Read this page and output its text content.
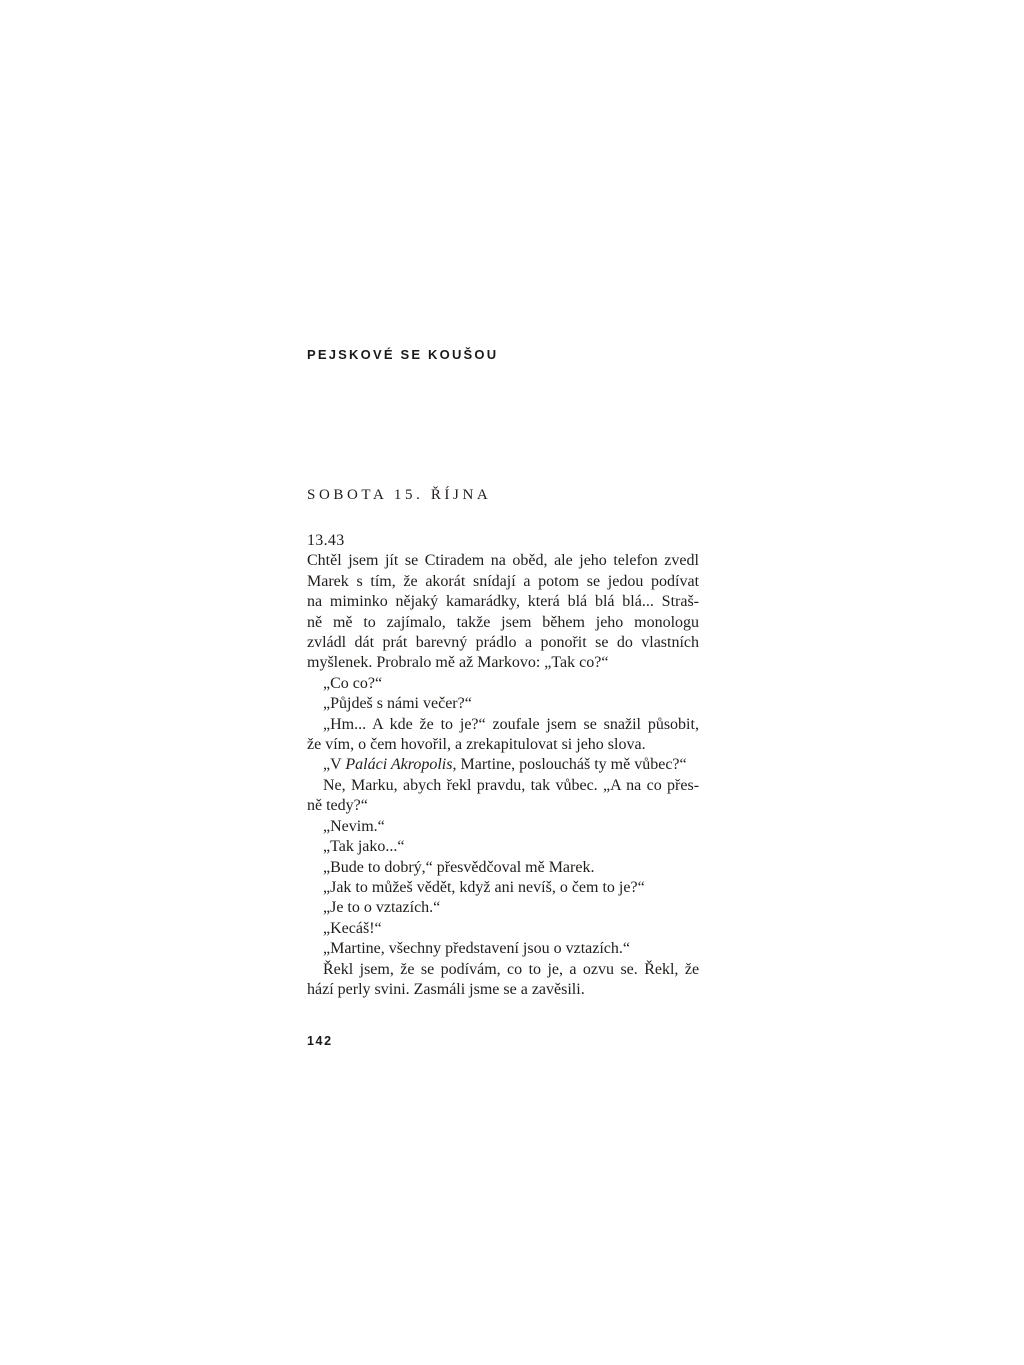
PEJSKOVÉ SE KOUŠOU
SOBOTA 15. ŘÍJNA
13.43
Chtěl jsem jít se Ctiradem na oběd, ale jeho telefon zvedl
Marek s tím, že akorát snídají a potom se jedou podívat
na miminko nějaký kamarádky, která blá blá blá... Straš-
ně mě to zajímalo, takže jsem během jeho monologu
zvládl dát prát barevný prádlo a ponořit se do vlastních
myšlenek. Probralo mě až Markovo: „Tak co?“
„Co co?“
„Půjdeš s námi večer?“
„Hm... A kde že to je?“ zoufale jsem se snažil působit,
že vím, o čem hovořil, a zrekapitulovat si jeho slova.
„V Paláci Akropolis, Martine, posloucháš ty mě vůbec?“
Ne, Marku, abych řekl pravdu, tak vůbec. „A na co přes-
ně tedy?“
„Nevim.“
„Tak jako...“
„Bude to dobrý,“ přesvědčoval mě Marek.
„Jak to můžeš vědět, když ani nevíš, o čem to je?“
„Je to o vztazích.“
„Kecáš!“
„Martine, všechny představení jsou o vztazích.“
Řekl jsem, že se podívám, co to je, a ozvu se. Řekl, že
hází perly svini. Zasmáli jsme se a zavěsili.
142
